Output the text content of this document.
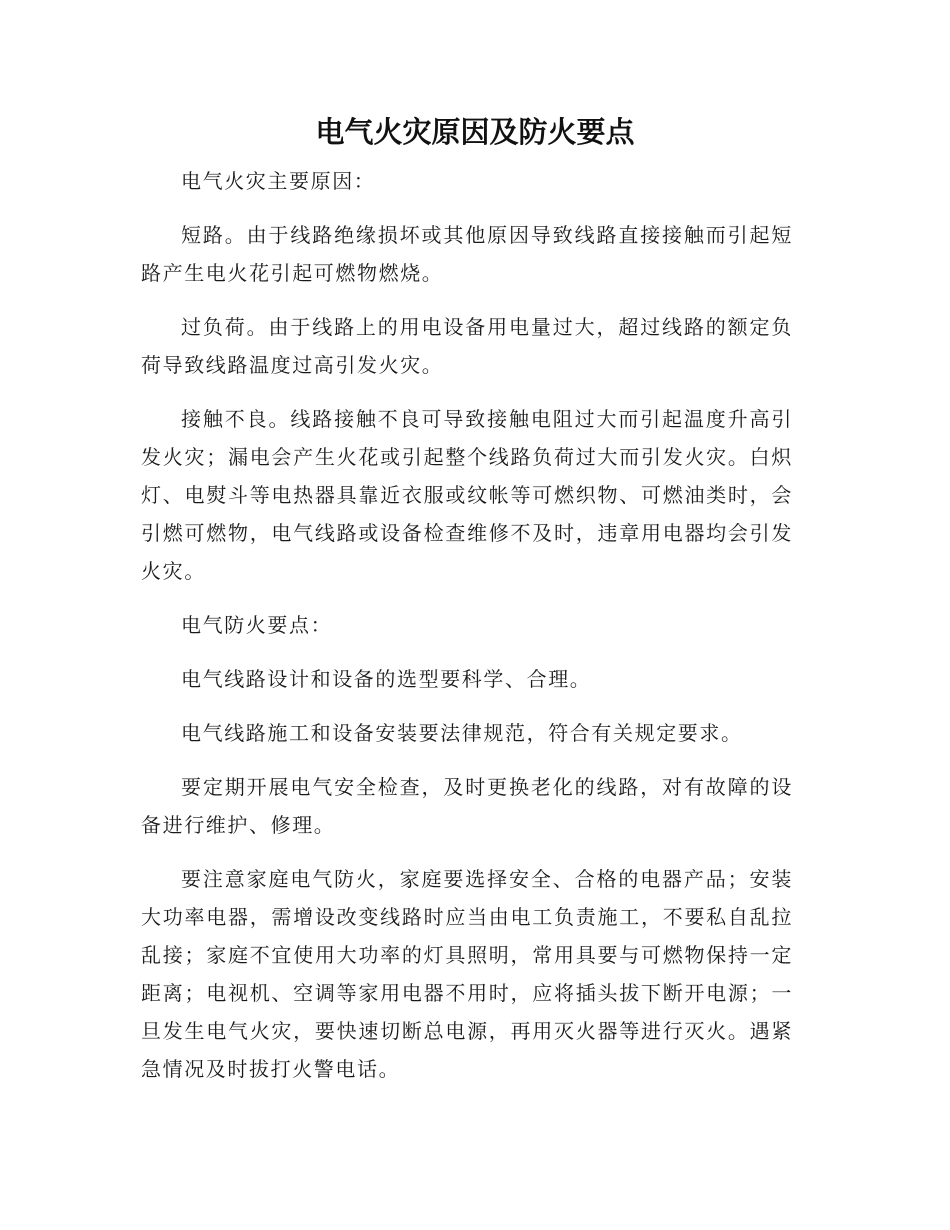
电气火灾原因及防火要点

电气火灾主要原因：

短路。由于线路绝缘损坏或其他原因导致线路直接接触而引起短路产生电火花引起可燃物燃烧。

过负荷。由于线路上的用电设备用电量过大，超过线路的额定负荷导致线路温度过高引发火灾。

接触不良。线路接触不良可导致接触电阻过大而引起温度升高引发火灾；漏电会产生火花或引起整个线路负荷过大而引发火灾。白炽灯、电熨斗等电热器具靠近衣服或纹帐等可燃织物、可燃油类时，会引燃可燃物，电气线路或设备检查维修不及时，违章用电器均会引发火灾。

电气防火要点：

电气线路设计和设备的选型要科学、合理。

电气线路施工和设备安装要法律规范，符合有关规定要求。

要定期开展电气安全检查，及时更换老化的线路，对有故障的设备进行维护、修理。

要注意家庭电气防火，家庭要选择安全、合格的电器产品；安装大功率电器，需增设改变线路时应当由电工负责施工，不要私自乱拉乱接；家庭不宜使用大功率的灯具照明，常用具要与可燃物保持一定距离；电视机、空调等家用电器不用时，应将插头拔下断开电源；一旦发生电气火灾，要快速切断总电源，再用灭火器等进行灭火。遇紧急情况及时拔打火警电话。
